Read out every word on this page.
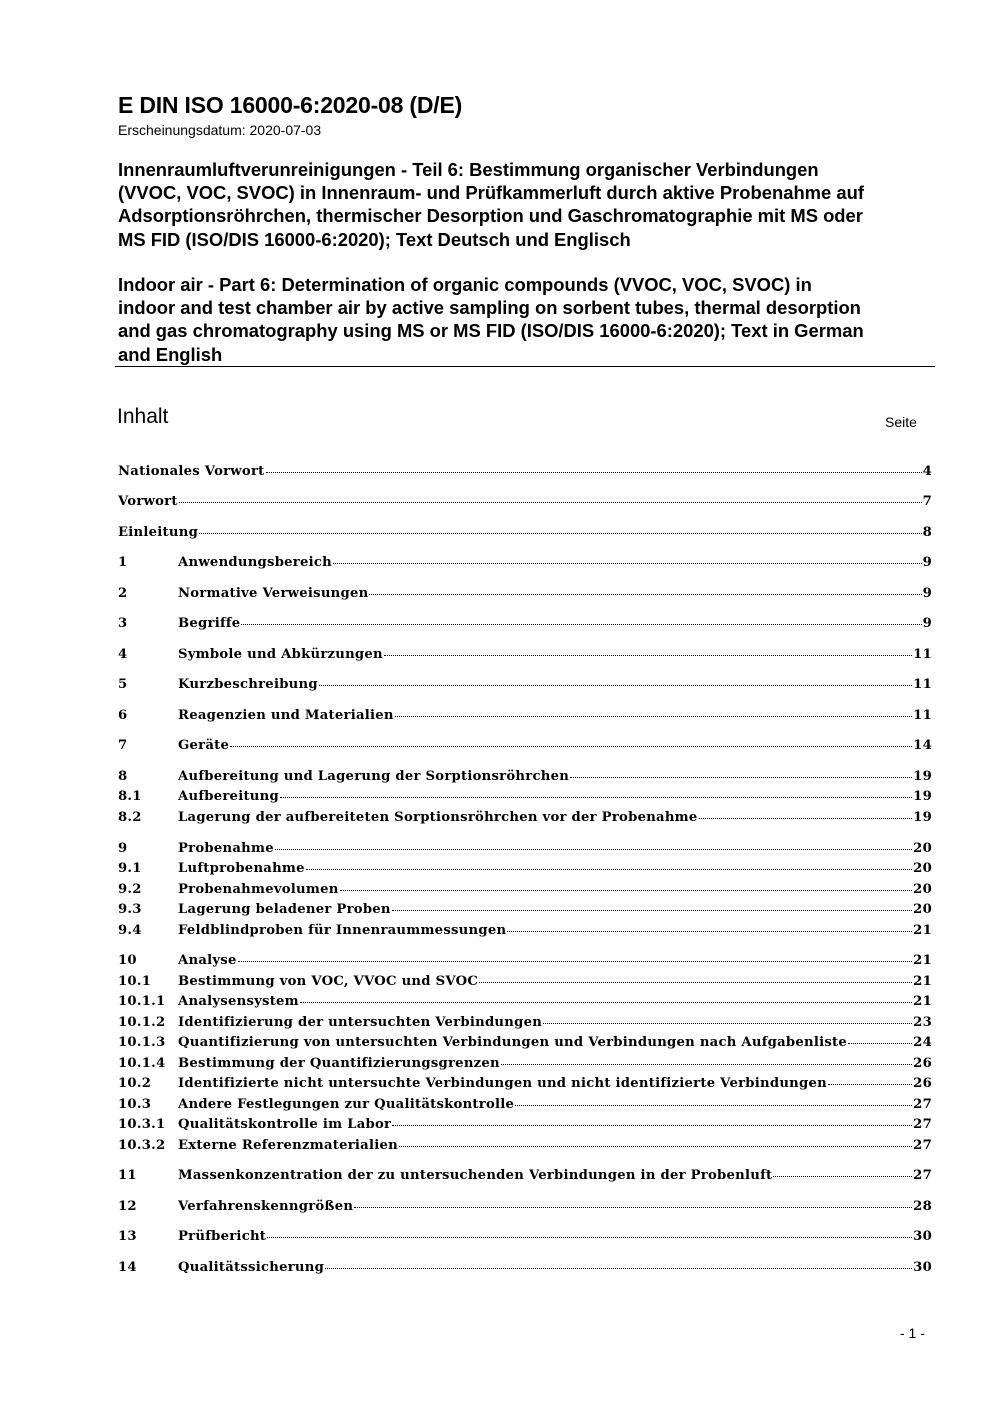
E DIN ISO 16000-6:2020-08 (D/E)
Erscheinungsdatum: 2020-07-03
Innenraumluftverunreinigungen - Teil 6: Bestimmung organischer Verbindungen
(VVOC, VOC, SVOC) in Innenraum- und Prüfkammerluft durch aktive Probenahme auf
Adsorptionsröhrchen, thermischer Desorption und Gaschromatographie mit MS oder
MS FID (ISO/DIS 16000-6:2020); Text Deutsch und Englisch
Indoor air - Part 6: Determination of organic compounds (VVOC, VOC, SVOC) in
indoor and test chamber air by active sampling on sorbent tubes, thermal desorption
and gas chromatography using MS or MS FID (ISO/DIS 16000-6:2020); Text in German
and English
Inhalt	Seite
Nationales Vorwort	4
Vorwort	7
Einleitung	8
1	Anwendungsbereich	9
2	Normative Verweisungen	9
3	Begriffe	9
4	Symbole und Abkürzungen	11
5	Kurzbeschreibung	11
6	Reagenzien und Materialien	11
7	Geräte	14
8	Aufbereitung und Lagerung der Sorptionsröhrchen	19
8.1	Aufbereitung	19
8.2	Lagerung der aufbereiteten Sorptionsröhrchen vor der Probenahme	19
9	Probenahme	20
9.1	Luftprobenahme	20
9.2	Probenahmevolumen	20
9.3	Lagerung beladener Proben	20
9.4	Feldblindproben für Innenraummessungen	21
10	Analyse	21
10.1	Bestimmung von VOC, VVOC und SVOC	21
10.1.1 Analysensystem	21
10.1.2 Identifizierung der untersuchten Verbindungen	23
10.1.3 Quantifizierung von untersuchten Verbindungen und Verbindungen nach Aufgabenliste	24
10.1.4 Bestimmung der Quantifizierungsgrenzen	26
10.2	Identifizierte nicht untersuchte Verbindungen und nicht identifizierte Verbindungen	26
10.3	Andere Festlegungen zur Qualitätskontrolle	27
10.3.1 Qualitätskontrolle im Labor	27
10.3.2 Externe Referenzmaterialien	27
11	Massenkonzentration der zu untersuchenden Verbindungen in der Probenluft	27
12	Verfahrenskenngrößen	28
13	Prüfbericht	30
14	Qualitätssicherung	30
- 1 -
